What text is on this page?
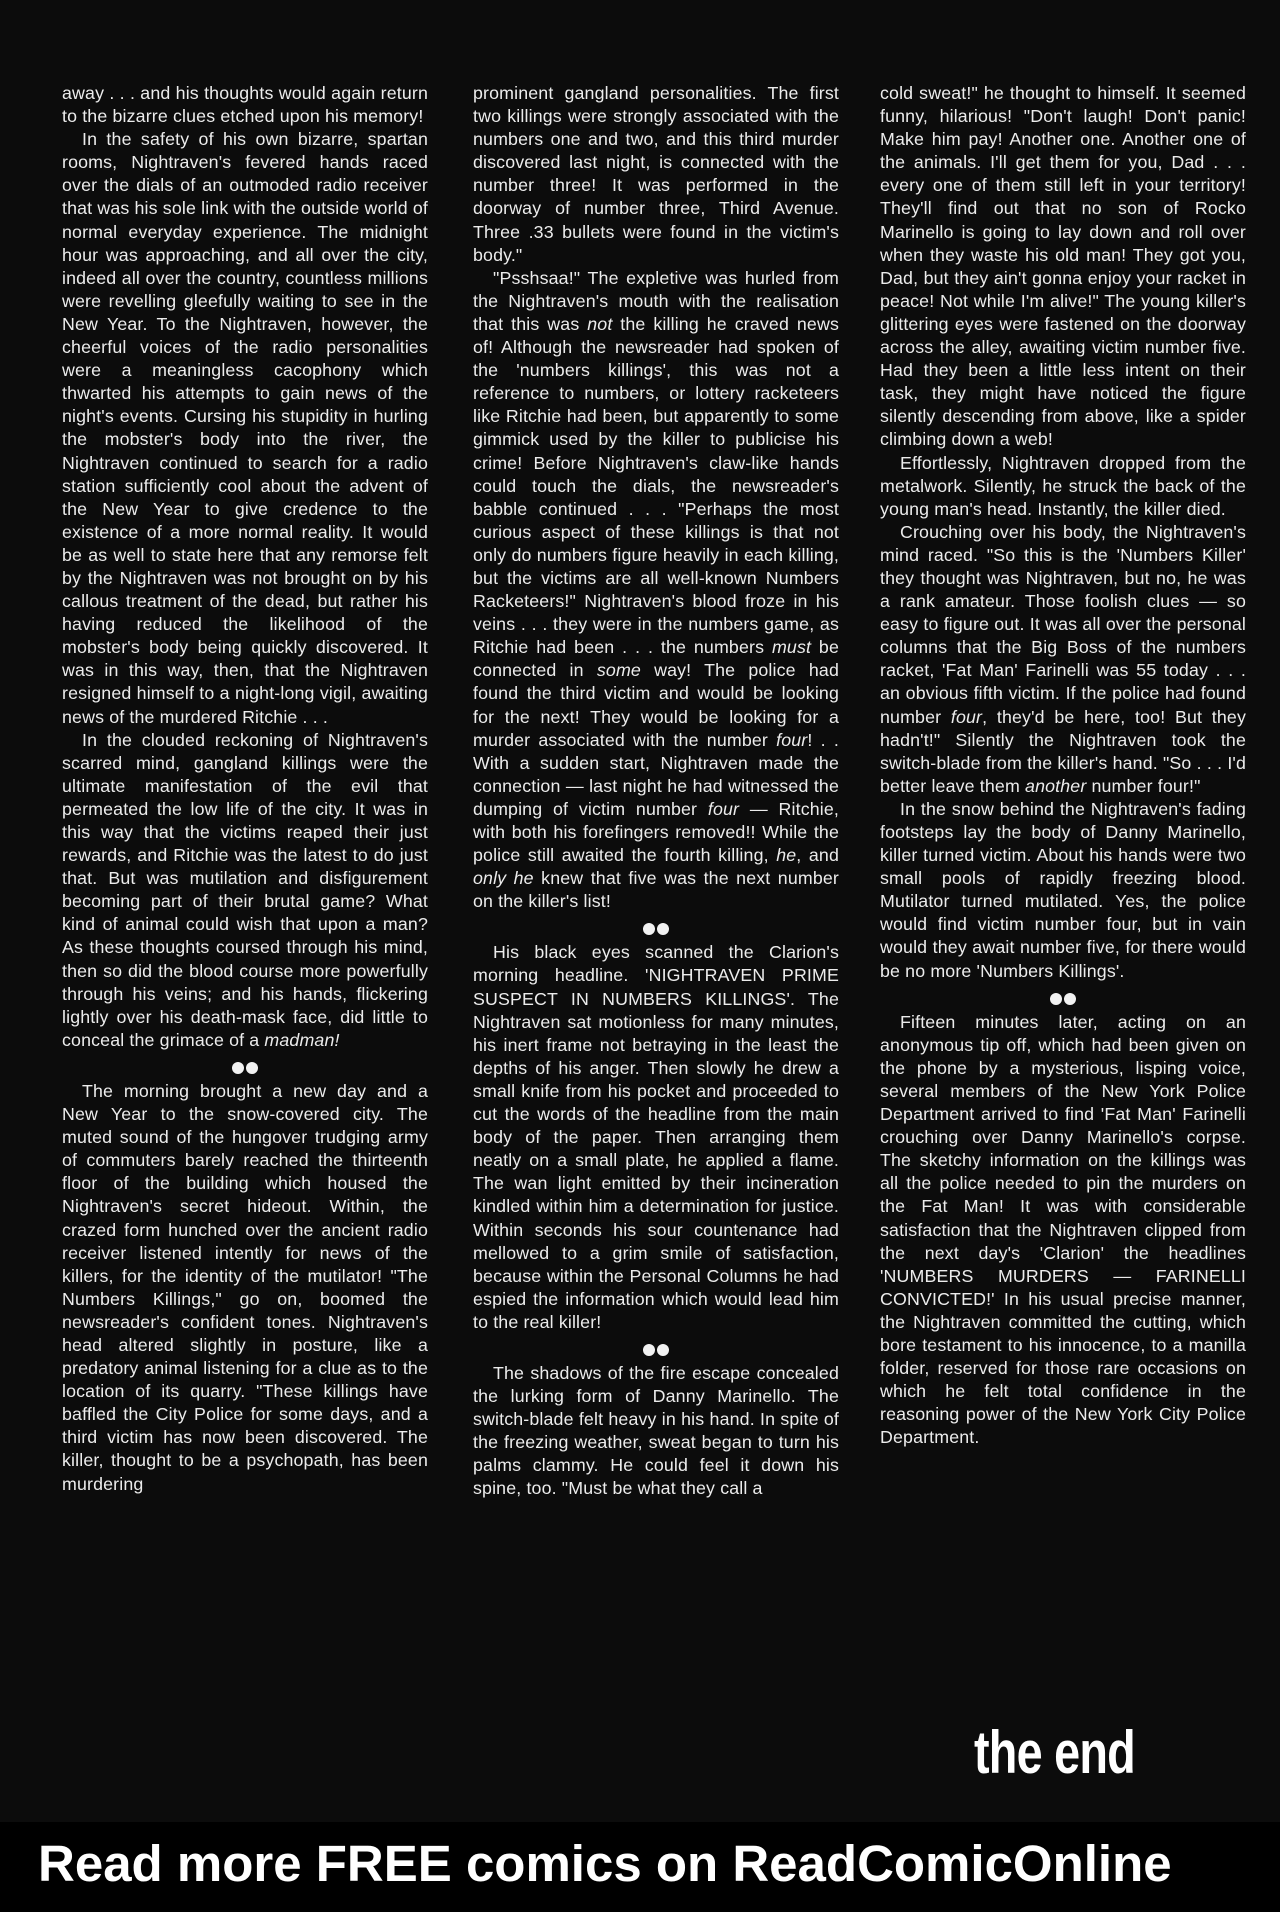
away . . . and his thoughts would again return to the bizarre clues etched upon his memory!

In the safety of his own bizarre, spartan rooms, Nightraven's fevered hands raced over the dials of an outmoded radio receiver that was his sole link with the outside world of normal everyday experience. The midnight hour was approaching, and all over the city, indeed all over the country, countless millions were revelling gleefully waiting to see in the New Year. To the Nightraven, however, the cheerful voices of the radio personalities were a meaningless cacophony which thwarted his attempts to gain news of the night's events. Cursing his stupidity in hurling the mobster's body into the river, the Nightraven continued to search for a radio station sufficiently cool about the advent of the New Year to give credence to the existence of a more normal reality. It would be as well to state here that any remorse felt by the Nightraven was not brought on by his callous treatment of the dead, but rather his having reduced the likelihood of the mobster's body being quickly discovered. It was in this way, then, that the Nightraven resigned himself to a night-long vigil, awaiting news of the murdered Ritchie . . .

In the clouded reckoning of Nightraven's scarred mind, gangland killings were the ultimate manifestation of the evil that permeated the low life of the city. It was in this way that the victims reaped their just rewards, and Ritchie was the latest to do just that. But was mutilation and disfigurement becoming part of their brutal game? What kind of animal could wish that upon a man? As these thoughts coursed through his mind, then so did the blood course more powerfully through his veins; and his hands, flickering lightly over his death-mask face, did little to conceal the grimace of a madman!

The morning brought a new day and a New Year to the snow-covered city. The muted sound of the hungover trudging army of commuters barely reached the thirteenth floor of the building which housed the Nightraven's secret hideout. Within, the crazed form hunched over the ancient radio receiver listened intently for news of the killers, for the identity of the mutilator! "The Numbers Killings," go on, boomed the newsreader's confident tones. Nightraven's head altered slightly in posture, like a predatory animal listening for a clue as to the location of its quarry. "These killings have baffled the City Police for some days, and a third victim has now been discovered. The killer, thought to be a psychopath, has been murdering

prominent gangland personalities. The first two killings were strongly associated with the numbers one and two, and this third murder discovered last night, is connected with the number three! It was performed in the doorway of number three, Third Avenue. Three .33 bullets were found in the victim's body."

"Psshsaa!" The expletive was hurled from the Nightraven's mouth with the realisation that this was not the killing he craved news of! Although the newsreader had spoken of the 'numbers killings', this was not a reference to numbers, or lottery racketeers like Ritchie had been, but apparently to some gimmick used by the killer to publicise his crime! Before Nightraven's claw-like hands could touch the dials, the newsreader's babble continued . . . "Perhaps the most curious aspect of these killings is that not only do numbers figure heavily in each killing, but the victims are all well-known Numbers Racketeers!" Nightraven's blood froze in his veins . . . they were in the numbers game, as Ritchie had been . . . the numbers must be connected in some way! The police had found the third victim and would be looking for the next! They would be looking for a murder associated with the number four! . . With a sudden start, Nightraven made the connection — last night he had witnessed the dumping of victim number four — Ritchie, with both his forefingers removed!! While the police still awaited the fourth killing, he, and only he knew that five was the next number on the killer's list!

His black eyes scanned the Clarion's morning headline. 'NIGHTRAVEN PRIME SUSPECT IN NUMBERS KILLINGS'. The Nightraven sat motionless for many minutes, his inert frame not betraying in the least the depths of his anger. Then slowly he drew a small knife from his pocket and proceeded to cut the words of the headline from the main body of the paper. Then arranging them neatly on a small plate, he applied a flame. The wan light emitted by their incineration kindled within him a determination for justice. Within seconds his sour countenance had mellowed to a grim smile of satisfaction, because within the Personal Columns he had espied the information which would lead him to the real killer!

The shadows of the fire escape concealed the lurking form of Danny Marinello. The switch-blade felt heavy in his hand. In spite of the freezing weather, sweat began to turn his palms clammy. He could feel it down his spine, too. "Must be what they call a

cold sweat!" he thought to himself. It seemed funny, hilarious! "Don't laugh! Don't panic! Make him pay! Another one. Another one of the animals. I'll get them for you, Dad . . . every one of them still left in your territory! They'll find out that no son of Rocko Marinello is going to lay down and roll over when they waste his old man! They got you, Dad, but they ain't gonna enjoy your racket in peace! Not while I'm alive!" The young killer's glittering eyes were fastened on the doorway across the alley, awaiting victim number five. Had they been a little less intent on their task, they might have noticed the figure silently descending from above, like a spider climbing down a web!

Effortlessly, Nightraven dropped from the metalwork. Silently, he struck the back of the young man's head. Instantly, the killer died.

Crouching over his body, the Nightraven's mind raced. "So this is the 'Numbers Killer' they thought was Nightraven, but no, he was a rank amateur. Those foolish clues — so easy to figure out. It was all over the personal columns that the Big Boss of the numbers racket, 'Fat Man' Farinelli was 55 today . . . an obvious fifth victim. If the police had found number four, they'd be here, too! But they hadn't!" Silently the Nightraven took the switch-blade from the killer's hand. "So . . . I'd better leave them another number four!"

In the snow behind the Nightraven's fading footsteps lay the body of Danny Marinello, killer turned victim. About his hands were two small pools of rapidly freezing blood. Mutilator turned mutilated. Yes, the police would find victim number four, but in vain would they await number five, for there would be no more 'Numbers Killings'.

Fifteen minutes later, acting on an anonymous tip off, which had been given on the phone by a mysterious, lisping voice, several members of the New York Police Department arrived to find 'Fat Man' Farinelli crouching over Danny Marinello's corpse. The sketchy information on the killings was all the police needed to pin the murders on the Fat Man! It was with considerable satisfaction that the Nightraven clipped from the next day's 'Clarion' the headlines 'NUMBERS MURDERS — FARINELLI CONVICTED!' In his usual precise manner, the Nightraven committed the cutting, which bore testament to his innocence, to a manilla folder, reserved for those rare occasions on which he felt total confidence in the reasoning power of the New York City Police Department.

the end
Read more FREE comics on ReadComicOnline
